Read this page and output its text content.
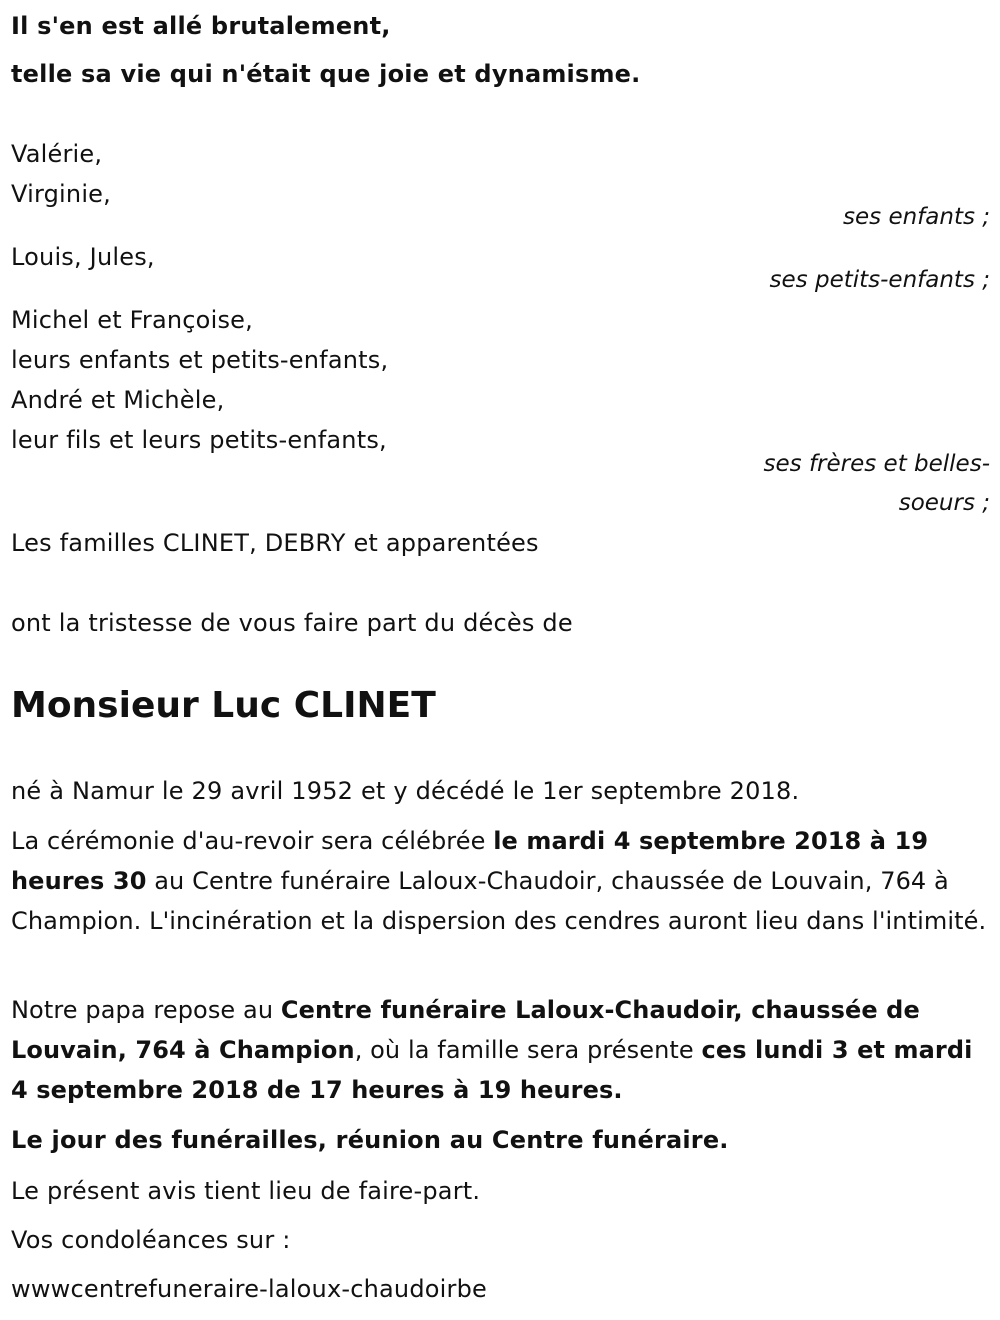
Il s'en est allé brutalement,
telle sa vie qui n'était que joie et dynamisme.
Valérie,
Virginie,
ses enfants ;
Louis, Jules,
ses petits-enfants ;
Michel et Françoise,
leurs enfants et petits-enfants,
André et Michèle,
leur fils et leurs petits-enfants,
ses frères et belles-
soeurs ;
Les familles CLINET, DEBRY et apparentées
ont la tristesse de vous faire part du décès de
Monsieur Luc CLINET
né à Namur le 29 avril 1952 et y décédé le 1er septembre 2018.
La cérémonie d'au-revoir sera célébrée le mardi 4 septembre 2018 à 19 heures 30 au Centre funéraire Laloux-Chaudoir, chaussée de Louvain, 764 à Champion. L'incinération et la dispersion des cendres auront lieu dans l'intimité.
Notre papa repose au Centre funéraire Laloux-Chaudoir, chaussée de Louvain, 764 à Champion, où la famille sera présente ces lundi 3 et mardi 4 septembre 2018 de 17 heures à 19 heures.
Le jour des funérailles, réunion au Centre funéraire.
Le présent avis tient lieu de faire-part.
Vos condoléances sur :
wwwcentrefuneraire-laloux-chaudoirbe
